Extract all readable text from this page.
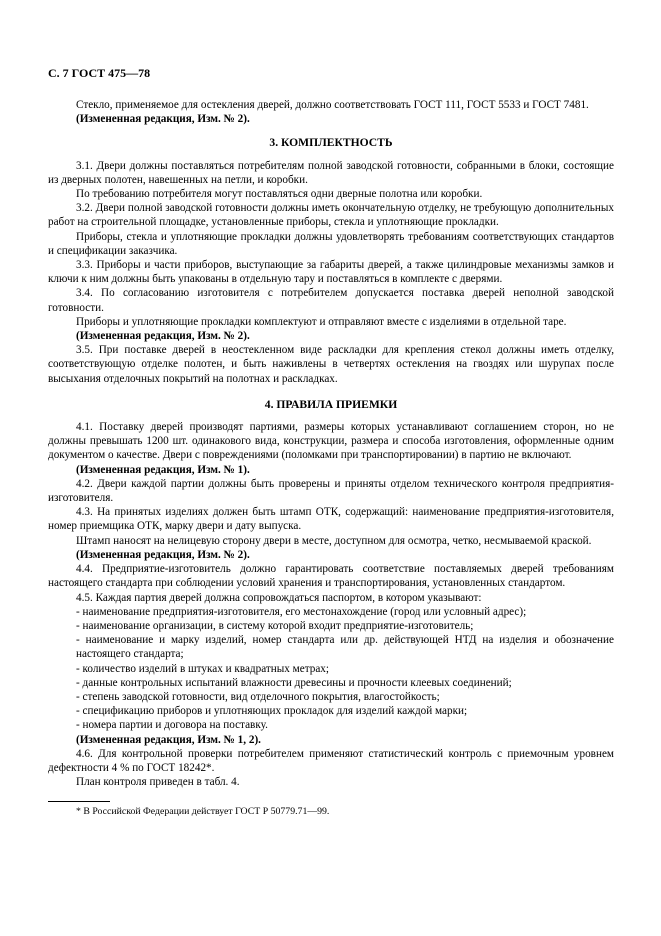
С. 7 ГОСТ 475—78

Стекло, применяемое для остекления дверей, должно соответствовать ГОСТ 111, ГОСТ 5533 и ГОСТ 7481.

(Измененная редакция, Изм. № 2).

3. КОМПЛЕКТНОСТЬ

3.1. Двери должны поставляться потребителям полной заводской готовности, собранными в блоки, состоящие из дверных полотен, навешенных на петли, и коробки.

По требованию потребителя могут поставляться одни дверные полотна или коробки.

3.2. Двери полной заводской готовности должны иметь окончательную отделку, не требующую дополнительных работ на строительной площадке, установленные приборы, стекла и уплотняющие прокладки.

Приборы, стекла и уплотняющие прокладки должны удовлетворять требованиям соответствующих стандартов и спецификации заказчика.

3.3. Приборы и части приборов, выступающие за габариты дверей, а также цилиндровые механизмы замков и ключи к ним должны быть упакованы в отдельную тару и поставляться в комплекте с дверями.

3.4. По согласованию изготовителя с потребителем допускается поставка дверей неполной заводской готовности.

Приборы и уплотняющие прокладки комплектуют и отправляют вместе с изделиями в отдельной таре.

(Измененная редакция, Изм. № 2).

3.5. При поставке дверей в неостекленном виде раскладки для крепления стекол должны иметь отделку, соответствующую отделке полотен, и быть наживлены в четвертях остекления на гвоздях или шурупах после высыхания отделочных покрытий на полотнах и раскладках.

4. ПРАВИЛА ПРИЕМКИ

4.1. Поставку дверей производят партиями, размеры которых устанавливают соглашением сторон, но не должны превышать 1200 шт. одинакового вида, конструкции, размера и способа изготовления, оформленные одним документом о качестве. Двери с повреждениями (поломками при транспортировании) в партию не включают.

(Измененная редакция, Изм. № 1).

4.2. Двери каждой партии должны быть проверены и приняты отделом технического контроля предприятия-изготовителя.

4.3. На принятых изделиях должен быть штамп ОТК, содержащий: наименование предприятия-изготовителя, номер приемщика ОТК, марку двери и дату выпуска.

Штамп наносят на нелицевую сторону двери в месте, доступном для осмотра, четко, несмываемой краской.

(Измененная редакция, Изм. № 2).

4.4. Предприятие-изготовитель должно гарантировать соответствие поставляемых дверей требованиям настоящего стандарта при соблюдении условий хранения и транспортирования, установленных стандартом.

4.5. Каждая партия дверей должна сопровождаться паспортом, в котором указывают:

- наименование предприятия-изготовителя, его местонахождение (город или условный адрес);

- наименование организации, в систему которой входит предприятие-изготовитель;

- наименование и марку изделий, номер стандарта или др. действующей НТД на изделия и обозначение настоящего стандарта;

- количество изделий в штуках и квадратных метрах;

- данные контрольных испытаний влажности древесины и прочности клеевых соединений;

- степень заводской готовности, вид отделочного покрытия, влагостойкость;

- спецификацию приборов и уплотняющих прокладок для изделий каждой марки;

- номера партии и договора на поставку.

(Измененная редакция, Изм. № 1, 2).

4.6. Для контрольной проверки потребителем применяют статистический контроль с приемочным уровнем дефектности 4 % по ГОСТ 18242*.

План контроля приведен в табл. 4.

* В Российской Федерации действует ГОСТ Р 50779.71—99.
